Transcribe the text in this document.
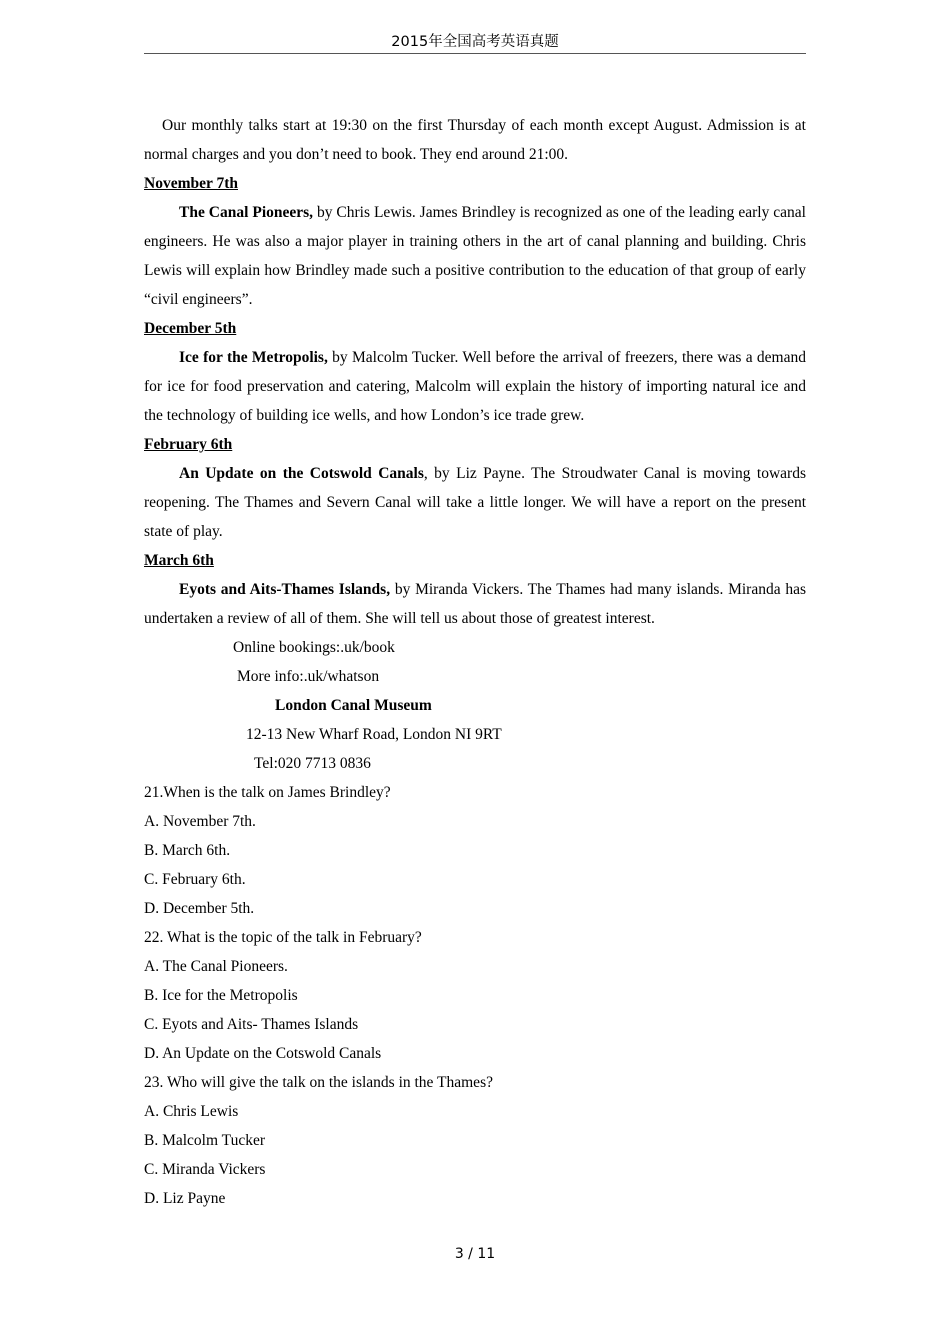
2015年全国高考英语真题

Our monthly talks start at 19:30 on the first Thursday of each month except August. Admission is at normal charges and you don’t need to book. They end around 21:00.

November 7th

The Canal Pioneers, by Chris Lewis. James Brindley is recognized as one of the leading early canal engineers. He was also a major player in training others in the art of canal planning and building. Chris Lewis will explain how Brindley made such a positive contribution to the education of that group of early “civil engineers”.

December 5th

Ice for the Metropolis, by Malcolm Tucker. Well before the arrival of freezers, there was a demand for ice for food preservation and catering, Malcolm will explain the history of importing natural ice and the technology of building ice wells, and how London’s ice trade grew.

February 6th

An Update on the Cotswold Canals, by Liz Payne. The Stroudwater Canal is moving towards reopening. The Thames and Severn Canal will take a little longer. We will have a report on the present state of play.

March 6th

Eyots and Aits-Thames Islands, by Miranda Vickers. The Thames had many islands. Miranda has undertaken a review of all of them. She will tell us about those of greatest interest.

Online bookings:.uk/book

More info:.uk/whatson

London Canal Museum

12-13 New Wharf Road, London NI 9RT

Tel:020 7713 0836

21.When is the talk on James Brindley?

A. November 7th.

B. March 6th.

C. February 6th.

D. December 5th.

22. What is the topic of the talk in February?

A. The Canal Pioneers.

B. Ice for the Metropolis

C. Eyots and Aits- Thames Islands

D. An Update on the Cotswold Canals

23. Who will give the talk on the islands in the Thames?

A. Chris Lewis

B. Malcolm Tucker

C. Miranda Vickers

D. Liz Payne

3 / 11
